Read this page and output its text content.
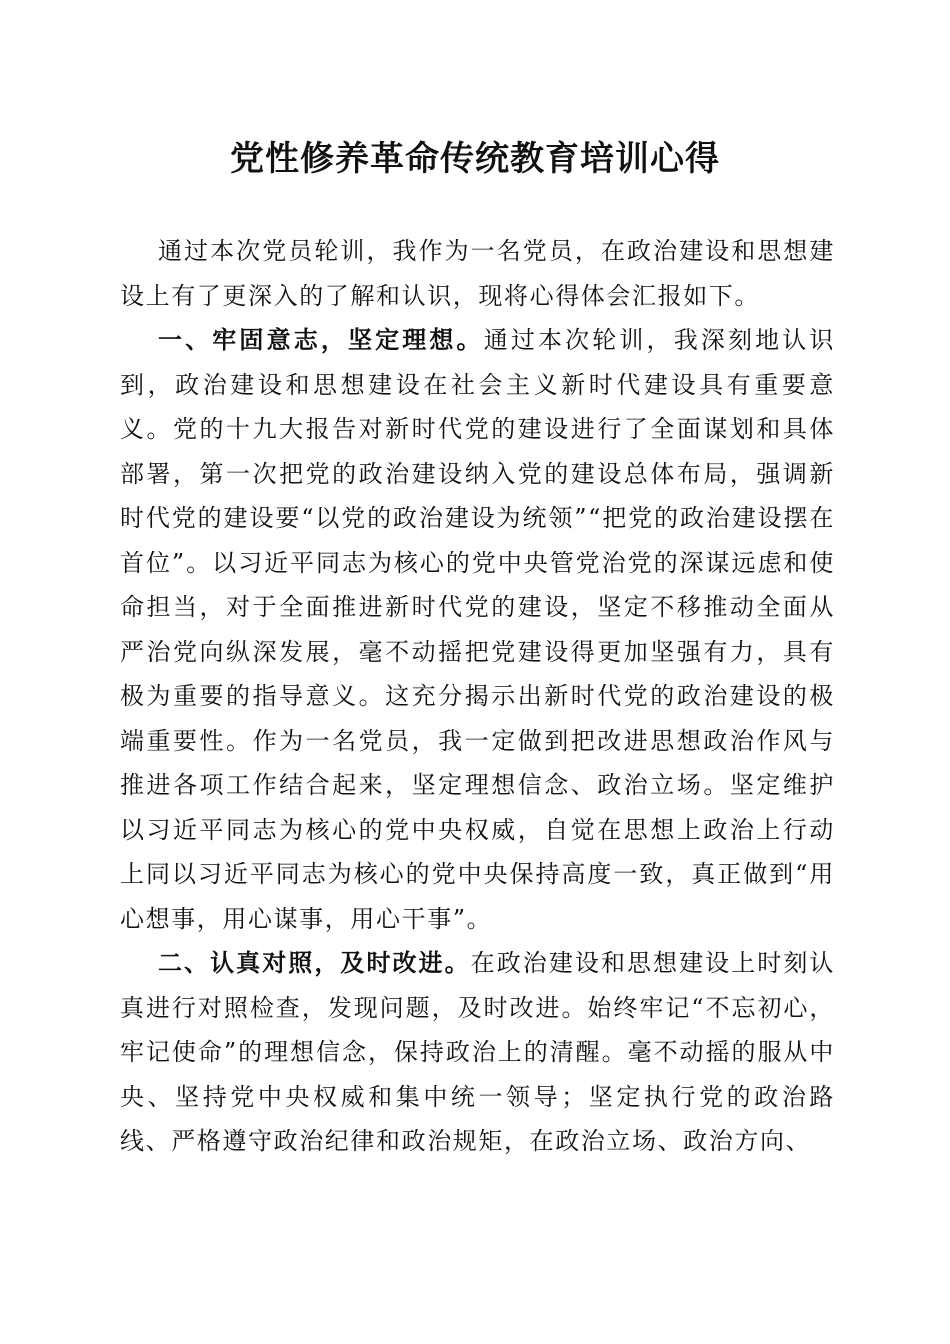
党性修养革命传统教育培训心得

通过本次党员轮训，我作为一名党员，在政治建设和思想建设上有了更深入的了解和认识，现将心得体会汇报如下。

一、牢固意志，坚定理想。通过本次轮训，我深刻地认识到，政治建设和思想建设在社会主义新时代建设具有重要意义。党的十九大报告对新时代党的建设进行了全面谋划和具体部署，第一次把党的政治建设纳入党的建设总体布局，强调新时代党的建设要“以党的政治建设为统领”“把党的政治建设摆在首位”。以习近平同志为核心的党中央管党治党的深谋远虑和使命担当，对于全面推进新时代党的建设，坚定不移推动全面从严治党向纵深发展，毫不动摇把党建设得更加坚强有力，具有极为重要的指导意义。这充分揭示出新时代党的政治建设的极端重要性。作为一名党员，我一定做到把改进思想政治作风与推进各项工作结合起来，坚定理想信念、政治立场。坚定维护以习近平同志为核心的党中央权威，自觉在思想上政治上行动上同以习近平同志为核心的党中央保持高度一致，真正做到“用心想事，用心谋事，用心干事”。

二、认真对照，及时改进。在政治建设和思想建设上时刻认真进行对照检查，发现问题，及时改进。始终牢记“不忘初心，牢记使命”的理想信念，保持政治上的清醒。毫不动摇的服从中央、坚持党中央权威和集中统一领导；坚定执行党的政治路线、严格遵守政治纪律和政治规矩，在政治立场、政治方向、
